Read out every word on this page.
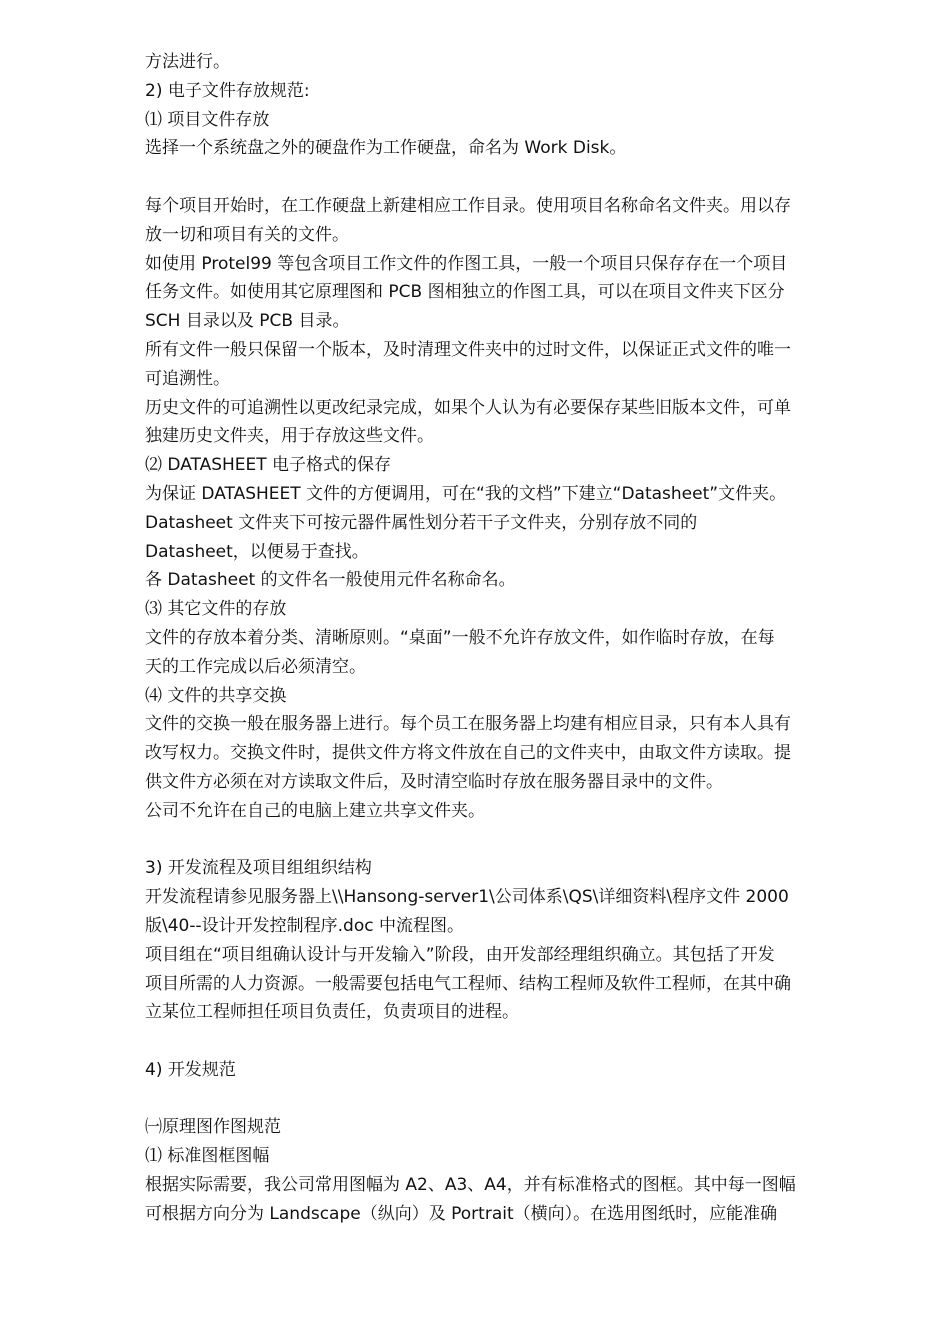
方法进行。
2) 电子文件存放规范:
⑴ 项目文件存放
选择一个系统盘之外的硬盘作为工作硬盘，命名为 Work Disk。
每个项目开始时，在工作硬盘上新建相应工作目录。使用项目名称命名文件夹。用以存
放一切和项目有关的文件。
如使用 Protel99 等包含项目工作文件的作图工具，一般一个项目只保存存在一个项目
任务文件。如使用其它原理图和 PCB 图相独立的作图工具，可以在项目文件夹下区分
SCH 目录以及 PCB 目录。
所有文件一般只保留一个版本，及时清理文件夹中的过时文件，以保证正式文件的唯一
可追溯性。
历史文件的可追溯性以更改纪录完成，如果个人认为有必要保存某些旧版本文件，可单
独建历史文件夹，用于存放这些文件。
⑵ DATASHEET 电子格式的保存
为保证 DATASHEET 文件的方便调用，可在“我的文档”下建立“Datasheet”文件夹。
Datasheet 文件夹下可按元器件属性划分若干子文件夹，分别存放不同的
Datasheet，以便易于查找。
各 Datasheet 的文件名一般使用元件名称命名。
⑶ 其它文件的存放
文件的存放本着分类、清晰原则。“桌面”一般不允许存放文件，如作临时存放，在每
天的工作完成以后必须清空。
⑷ 文件的共享交换
文件的交换一般在服务器上进行。每个员工在服务器上均建有相应目录，只有本人具有
改写权力。交换文件时，提供文件方将文件放在自己的文件夹中，由取文件方读取。提
供文件方必须在对方读取文件后，及时清空临时存放在服务器目录中的文件。
公司不允许在自己的电脑上建立共享文件夹。
3) 开发流程及项目组组织结构
开发流程请参见服务器上\\Hansong-server1\公司体系\QS\详细资料\程序文件 2000
版\40--设计开发控制程序.doc 中流程图。
项目组在“项目组确认设计与开发输入”阶段，由开发部经理组织确立。其包括了开发
项目所需的人力资源。一般需要包括电气工程师、结构工程师及软件工程师，在其中确
立某位工程师担任项目负责任，负责项目的进程。
4) 开发规范
㈠原理图作图规范
⑴ 标准图框图幅
根据实际需要，我公司常用图幅为 A2、A3、A4，并有标准格式的图框。其中每一图幅
可根据方向分为 Landscape（纵向）及 Portrait（横向）。在选用图纸时，应能准确
